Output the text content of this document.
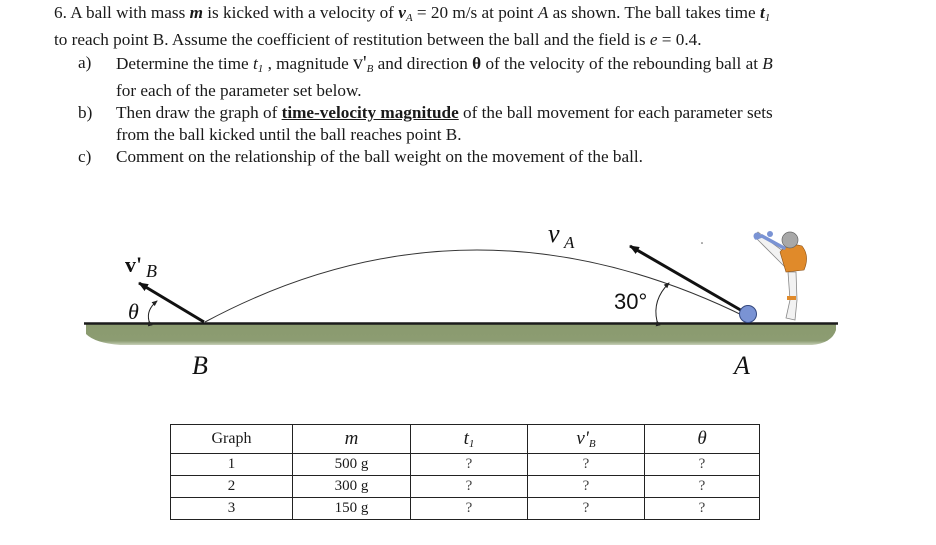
6. A ball with mass m is kicked with a velocity of $v_A = 20$ m/s at point A as shown. The ball takes time $t_1$

to reach point B. Assume the coefficient of restitution between the ball and the field is e = 0.4.

a)	Determine the time $t_1$ , magnitude $v'_B$ and direction θ of the velocity of the rebounding ball at B
for each of the parameter set below.
b)	Then draw the graph of time-velocity magnitude of the ball movement for each parameter sets
from the ball kicked until the ball reaches point B.
c)	Comment on the relationship of the ball weight on the movement of the ball.
v' B
θ
v A
30°
B	A
Graph	m	$t_1$	$v'_B$	θ
1	500 g	?	?	?
2	300 g	?	?	?
3	150 g	?	?	?
